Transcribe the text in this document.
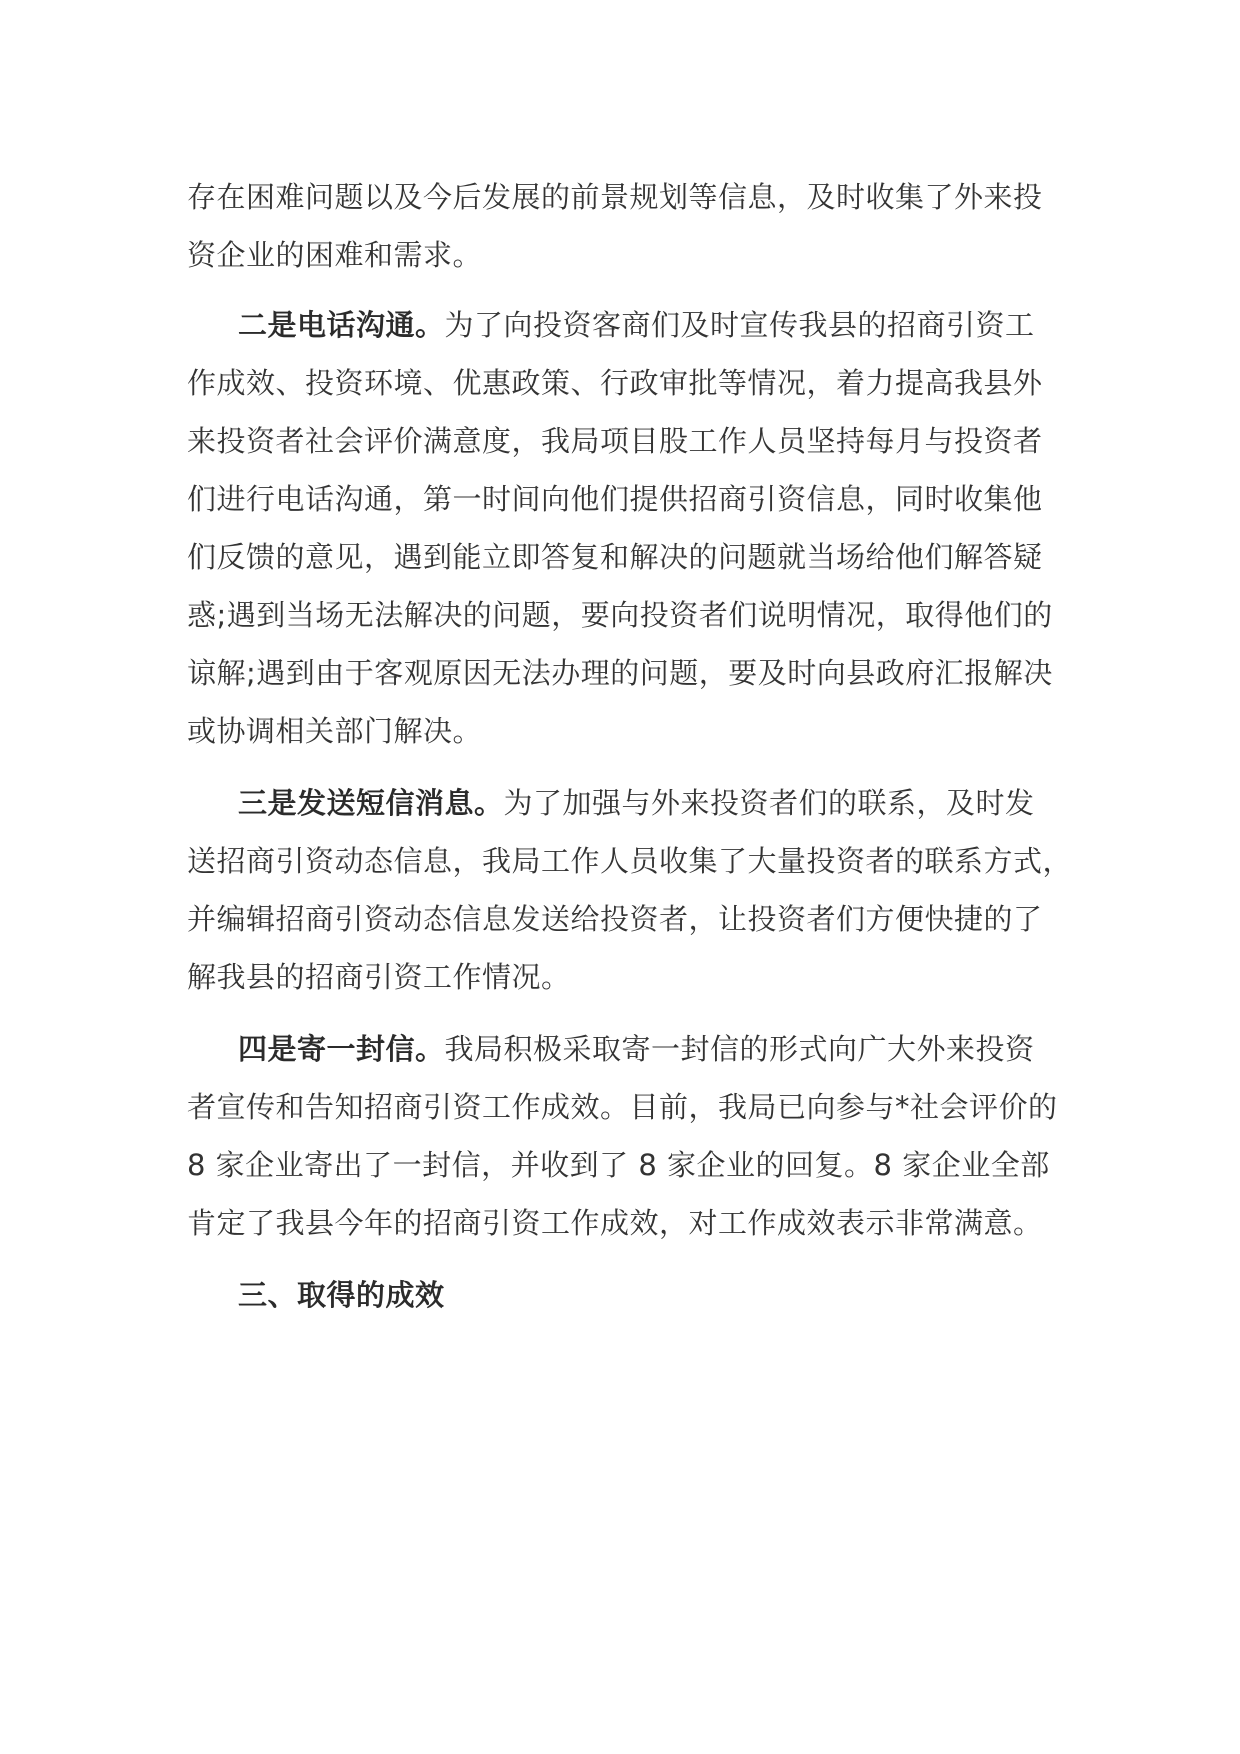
存在困难问题以及今后发展的前景规划等信息，及时收集了外来投

资企业的困难和需求。

二是电话沟通。为了向投资客商们及时宣传我县的招商引资工

作成效、投资环境、优惠政策、行政审批等情况，着力提高我县外

来投资者社会评价满意度，我局项目股工作人员坚持每月与投资者

们进行电话沟通，第一时间向他们提供招商引资信息，同时收集他

们反馈的意见，遇到能立即答复和解决的问题就当场给他们解答疑

惑;遇到当场无法解决的问题，要向投资者们说明情况，取得他们的

谅解;遇到由于客观原因无法办理的问题，要及时向县政府汇报解决

或协调相关部门解决。

三是发送短信消息。为了加强与外来投资者们的联系，及时发

送招商引资动态信息，我局工作人员收集了大量投资者的联系方式，

并编辑招商引资动态信息发送给投资者，让投资者们方便快捷的了

解我县的招商引资工作情况。

四是寄一封信。我局积极采取寄一封信的形式向广大外来投资

者宣传和告知招商引资工作成效。目前，我局已向参与*社会评价的

8 家企业寄出了一封信，并收到了 8 家企业的回复。8 家企业全部

肯定了我县今年的招商引资工作成效，对工作成效表示非常满意。

三、取得的成效
